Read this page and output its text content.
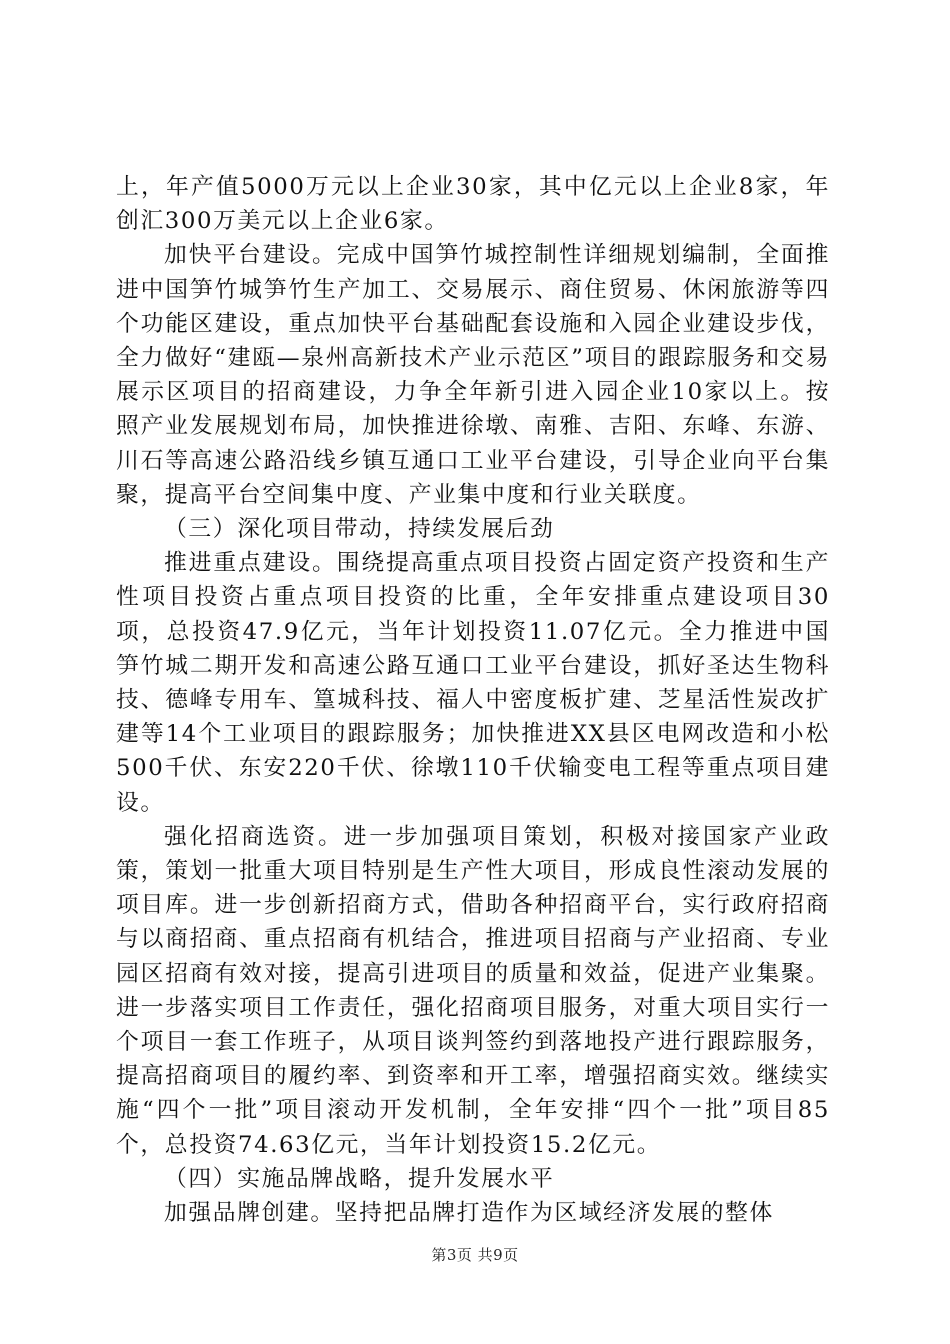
上，年产值5000万元以上企业30家，其中亿元以上企业8家，年创汇300万美元以上企业6家。

加快平台建设。完成中国笋竹城控制性详细规划编制，全面推进中国笋竹城笋竹生产加工、交易展示、商住贸易、休闲旅游等四个功能区建设，重点加快平台基础配套设施和入园企业建设步伐，全力做好“建瓯—泉州高新技术产业示范区”项目的跟踪服务和交易展示区项目的招商建设，力争全年新引进入园企业10家以上。按照产业发展规划布局，加快推进徐墩、南雅、吉阳、东峰、东游、川石等高速公路沿线乡镇互通口工业平台建设，引导企业向平台集聚，提高平台空间集中度、产业集中度和行业关联度。

（三）深化项目带动，持续发展后劲

推进重点建设。围绕提高重点项目投资占固定资产投资和生产性项目投资占重点项目投资的比重，全年安排重点建设项目30项，总投资47.9亿元，当年计划投资11.07亿元。全力推进中国笋竹城二期开发和高速公路互通口工业平台建设，抓好圣达生物科技、德峰专用车、篁城科技、福人中密度板扩建、芝星活性炭改扩建等14个工业项目的跟踪服务；加快推进XX县区电网改造和小松500千伏、东安220千伏、徐墩110千伏输变电工程等重点项目建设。

强化招商选资。进一步加强项目策划，积极对接国家产业政策，策划一批重大项目特别是生产性大项目，形成良性滚动发展的项目库。进一步创新招商方式，借助各种招商平台，实行政府招商与以商招商、重点招商有机结合，推进项目招商与产业招商、专业园区招商有效对接，提高引进项目的质量和效益，促进产业集聚。进一步落实项目工作责任，强化招商项目服务，对重大项目实行一个项目一套工作班子，从项目谈判签约到落地投产进行跟踪服务，提高招商项目的履约率、到资率和开工率，增强招商实效。继续实施“四个一批”项目滚动开发机制，全年安排“四个一批”项目85个，总投资74.63亿元，当年计划投资15.2亿元。

（四）实施品牌战略，提升发展水平

加强品牌创建。坚持把品牌打造作为区域经济发展的整体

第3页 共9页
